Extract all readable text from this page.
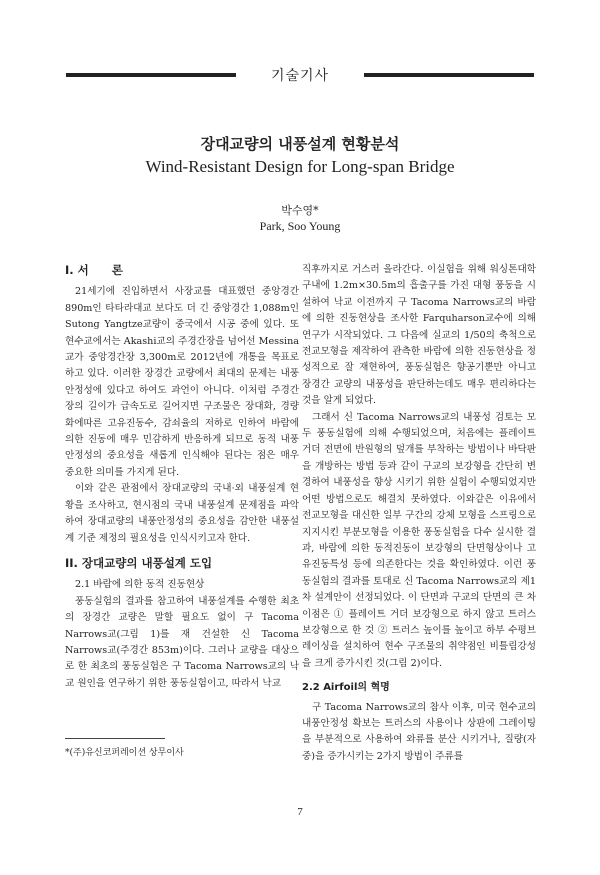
기술기사
장대교량의 내풍설계 현황분석
Wind-Resistant Design for Long-span Bridge
박수영*
Park, Soo Young
I. 서　　론

21세기에 진입하면서 사장교를 대표했던 중앙경간 890m인 타타라대교 보다도 더 긴 중앙경간 1,088m인 Sutong Yangtze교량이 중국에서 시공 중에 있다. 또 현수교에서는 Akashi교의 주경간장을 넘어선 Messina교가 중앙경간장 3,300m로 2012년에 개통을 목표로 하고 있다. 이러한 장경간 교량에서 최대의 문제는 내풍안정성에 있다고 하여도 과언이 아니다. 이처럼 주경간장의 길이가 급속도로 길어지면 구조물은 장대화, 경량화에따른 고유진동수, 감쇠율의 저하로 인하여 바람에 의한 진동에 매우 민감하게 반응하게 되므로 동적 내풍안정성의 중요성을 새롭게 인식해야 된다는 점은 매우 중요한 의미를 가지게 된다.

이와 같은 관점에서 장대교량의 국내·외 내풍설계 현황을 조사하고, 현시점의 국내 내풍설계 문제점을 파악하여 장대교량의 내풍안정성의 중요성을 감안한 내풍설계 기준 제정의 필요성을 인식시키고자 한다.

II. 장대교량의 내풍설계 도입

2.1 바람에 의한 동적 진동현상

풍동실험의 결과를 참고하여 내풍설계를 수행한 최초의 장경간 교량은 말할 필요도 없이 구 Tacoma Narrows교(그림 1)를 재 건설한 신 Tacoma Narrows교(주경간 853m)이다. 그러나 교량을 대상으로 한 최초의 풍동실험은 구 Tacoma Narrows교의 낙교 원인을 연구하기 위한 풍동실험이고, 따라서 낙교

직후까지로 거스러 올라간다. 이실험을 위해 워싱톤대학 구내에 1.2m×30.5m의 흡출구를 가진 대형 풍동을 시설하여 낙교 이전까지 구 Tacoma Narrows교의 바람에 의한 진동현상을 조사한 Farquharson교수에 의해 연구가 시작되었다. 그 다음에 실교의 1/50의 축척으로 전교모형을 제작하여 관측한 바람에 의한 진동현상을 정성적으로 잘 재현하여, 풍동실험은 향공기뿐만 아니고 장경간 교량의 내풍성을 판단하는데도 매우 편리하다는 것을 알게 되었다.

그래서 신 Tacoma Narrows교의 내풍성 검토는 모두 풍동실험에 의해 수행되었으며, 처음에는 플레이트 거더 전면에 반원형의 덮개를 부착하는 방법이나 바닥판을 개방하는 방법 등과 같이 구교의 보강형을 간단히 변경하여 내풍성을 향상 시키기 위한 실험이 수행되었지만 어떤 방법으로도 해결치 못하였다. 이와같은 이유에서 전교모형을 대신한 일부 구간의 강체 모형을 스프링으로 지지시킨 부분모형을 이용한 풍동실험을 다수 실시한 결과, 바람에 의한 동적진동이 보강형의 단면형상이나 고유진동특성 등에 의존한다는 것을 확인하였다. 이런 풍동실험의 결과를 토대로 신 Tacoma Narrows교의 제1차 설계안이 선정되었다. 이 단면과 구교의 단면의 큰 차이점은 ① 플레이트 거더 보강형으로 하지 않고 트러스 보강형으로 한 것 ② 트러스 높이를 높이고 하부 수평브레이싱을 설치하여 현수 구조물의 취약점인 비틀림강성을 크게 증가시킨 것(그림 2)이다.

2.2 Airfoil의 혁명

구 Tacoma Narrows교의 참사 이후, 미국 현수교의 내풍안정성 확보는 트러스의 사용이나 상판에 그레이팅을 부분적으로 사용하여 와류를 분산 시키거나, 질량(자중)을 증가시키는 2가지 방법이 주류를

*(주)유신코퍼레이션 상무이사
7
